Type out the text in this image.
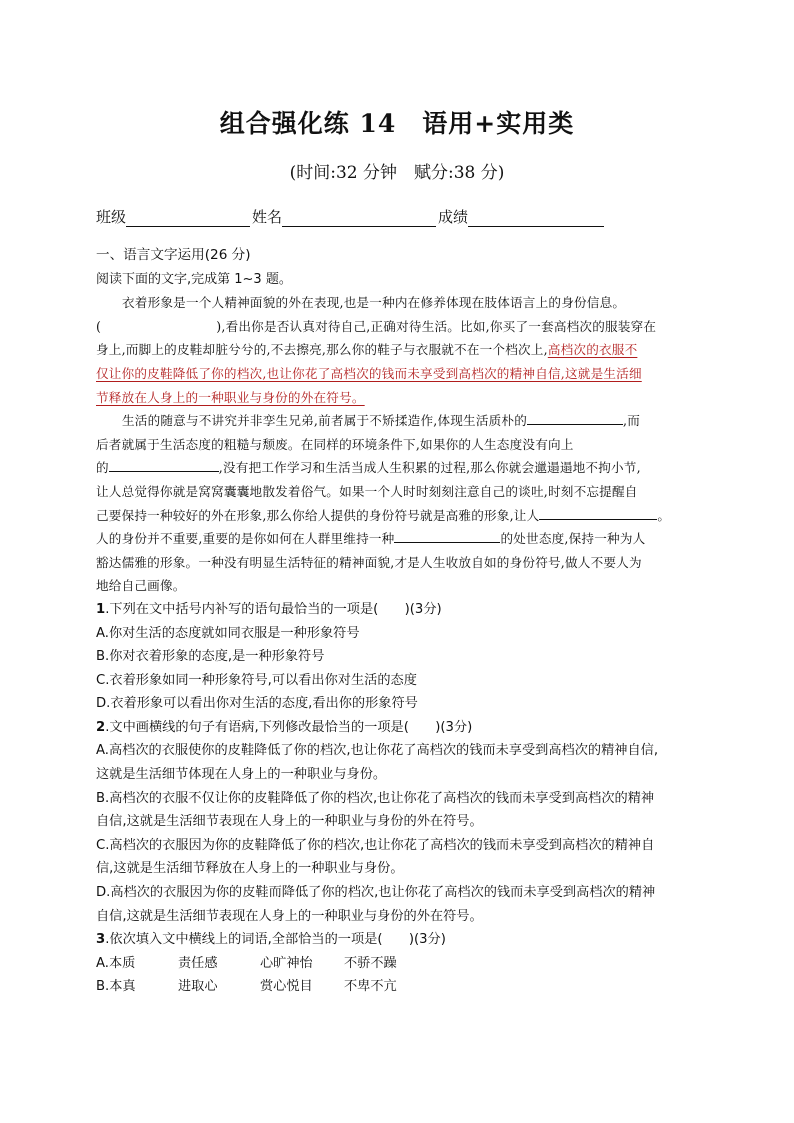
组合强化练 14　语用+实用类
(时间:32 分钟　赋分:38 分)
班级	姓名	成绩
一、语言文字运用(26 分)
阅读下面的文字,完成第 1~3 题。
衣着形象是一个人精神面貌的外在表现,也是一种内在修养体现在肢体语言上的身份信息。
(　　　　　　　　　),看出你是否认真对待自己,正确对待生活。比如,你买了一套高档次的服装穿在
身上,而脚上的皮鞋却脏兮兮的,不去擦亮,那么你的鞋子与衣服就不在一个档次上,高档次的衣服不
仅让你的皮鞋降低了你的档次,也让你花了高档次的钱而未享受到高档次的精神自信,这就是生活细
节释放在人身上的一种职业与身份的外在符号。
生活的随意与不讲究并非孪生兄弟,前者属于不矫揉造作,体现生活质朴的	,而
后者就属于生活态度的粗糙与颓废。在同样的环境条件下,如果你的人生态度没有向上
的	,没有把工作学习和生活当成人生积累的过程,那么你就会邋遢遢地不拘小节,
让人总觉得你就是窝窝囊囊地散发着俗气。如果一个人时时刻刻注意自己的谈吐,时刻不忘提醒自
己要保持一种较好的外在形象,那么你给人提供的身份符号就是高雅的形象,让人	。
人的身份并不重要,重要的是你如何在人群里维持一种	的处世态度,保持一种为人
豁达儒雅的形象。一种没有明显生活特征的精神面貌,才是人生收放自如的身份符号,做人不要人为
地给自己画像。
1.下列在文中括号内补写的语句最恰当的一项是(　　)(3分)
A.你对生活的态度就如同衣服是一种形象符号
B.你对衣着形象的态度,是一种形象符号
C.衣着形象如同一种形象符号,可以看出你对生活的态度
D.衣着形象可以看出你对生活的态度,看出你的形象符号
2.文中画横线的句子有语病,下列修改最恰当的一项是(　　)(3分)
A.高档次的衣服使你的皮鞋降低了你的档次,也让你花了高档次的钱而未享受到高档次的精神自信,
这就是生活细节体现在人身上的一种职业与身份。
B.高档次的衣服不仅让你的皮鞋降低了你的档次,也让你花了高档次的钱而未享受到高档次的精神
自信,这就是生活细节表现在人身上的一种职业与身份的外在符号。
C.高档次的衣服因为你的皮鞋降低了你的档次,也让你花了高档次的钱而未享受到高档次的精神自
信,这就是生活细节释放在人身上的一种职业与身份。
D.高档次的衣服因为你的皮鞋而降低了你的档次,也让你花了高档次的钱而未享受到高档次的精神
自信,这就是生活细节表现在人身上的一种职业与身份的外在符号。
3.依次填入文中横线上的词语,全部恰当的一项是(　　)(3分)
A.本质	责任感	心旷神怡 不骄不躁
B.本真	进取心	赏心悦目 不卑不亢
